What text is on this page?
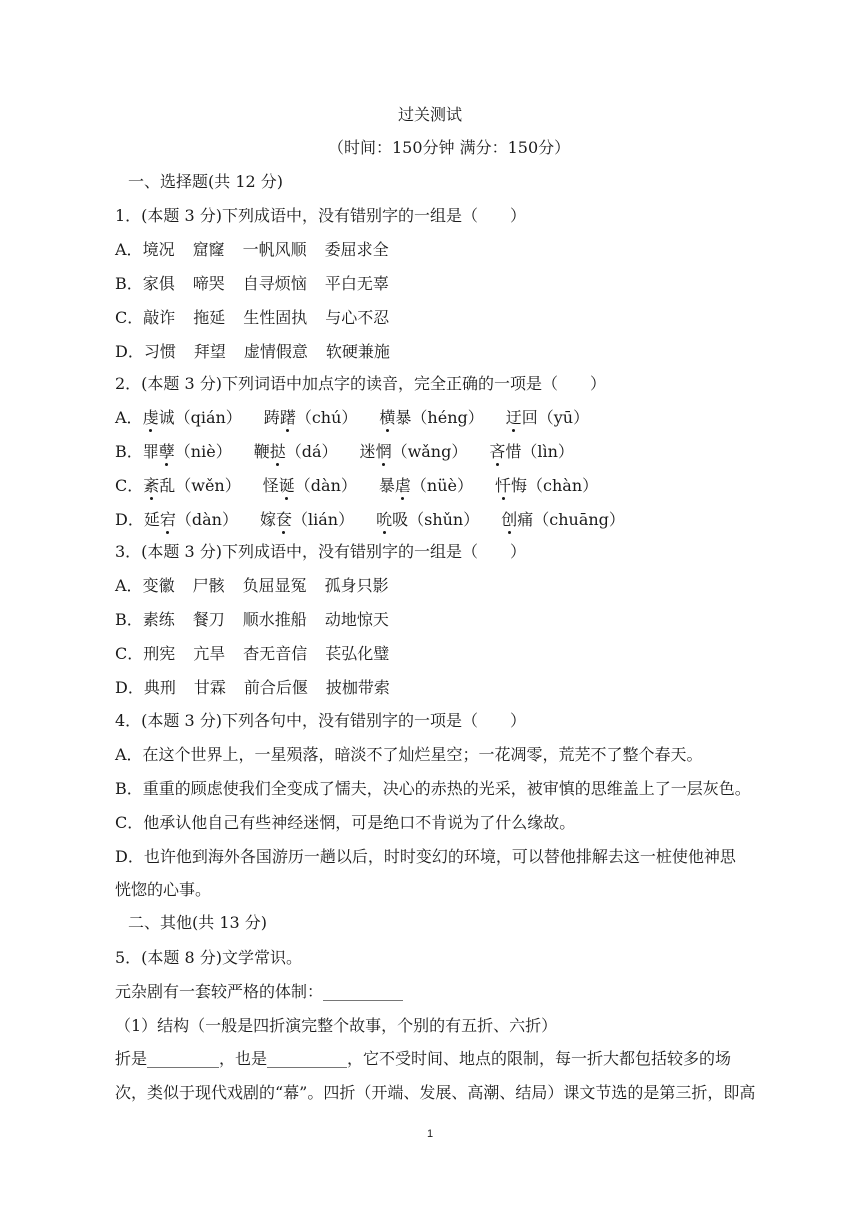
过关测试
（时间：150分钟 满分：150分）
一、选择题(共 12 分)
1．(本题 3 分)下列成语中，没有错别字的一组是（　　）
A．境况 窟窿 一帆风顺 委屈求全
B．家俱 啼哭 自寻烦恼 平白无辜
C．敲诈 拖延 生性固执 与心不忍
D．习惯 拜望 虚情假意 软硬兼施
2．(本题 3 分)下列词语中加点字的读音，完全正确的一项是（　　）
A．虔诚（qián） 踌躇（chú） 横暴（héng） 迂回（yū）
B．罪孽（niè） 鞭挞（dá） 迷惘（wǎng） 吝惜（lìn）
C．紊乱（wěn） 怪诞（dàn） 暴虐（nüè） 忏悔（chàn）
D．延宕（dàn） 嫁奁（lián） 吮吸（shǔn） 创痛（chuāng）
3．(本题 3 分)下列成语中，没有错别字的一组是（　　）
A．变徽 尸骸 负屈显冤 孤身只影
B．素练 餐刀 顺水推船 动地惊天
C．刑宪 亢旱 杳无音信 苌弘化璧
D．典刑 甘霖 前合后偃 披枷带索
4．(本题 3 分)下列各句中，没有错别字的一项是（　　）
A．在这个世界上，一星殒落，暗淡不了灿烂星空；一花凋零，荒芜不了整个春天。
B．重重的顾虑使我们全变成了懦夫，决心的赤热的光采，被审慎的思维盖上了一层灰色。
C．他承认他自己有些神经迷惘，可是绝口不肯说为了什么缘故。
D．也许他到海外各国游历一趟以后，时时变幻的环境，可以替他排解去这一桩使他神思
恍惚的心事。
二、其他(共 13 分)
5．(本题 8 分)文学常识。
元杂剧有一套较严格的体制：__________
（1）结构（一般是四折演完整个故事，个别的有五折、六折）
折是_________，也是__________，它不受时间、地点的限制，每一折大都包括较多的场
次，类似于现代戏剧的“幕”。四折（开端、发展、高潮、结局）课文节选的是第三折，即高
1
